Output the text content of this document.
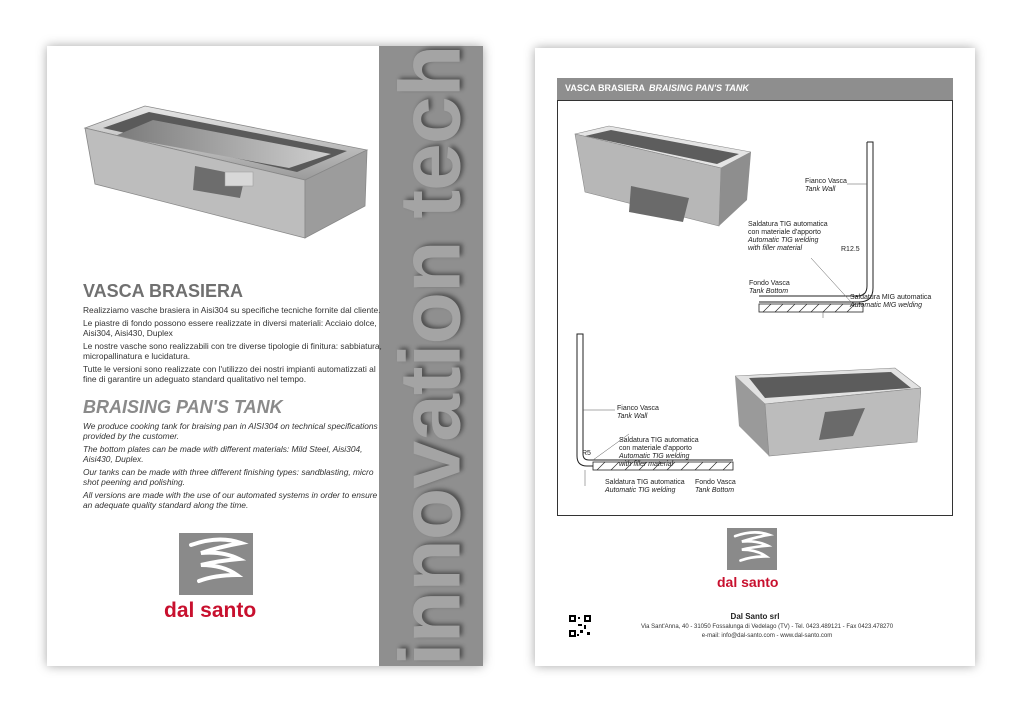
innovation tech
VASCA BRASIERA
Realizziamo vasche brasiera in Aisi304 su specifiche tecniche fornite dal cliente.
Le piastre di fondo possono essere realizzate in diversi materiali: Acciaio dolce, Aisi304, Aisi430, Duplex
Le nostre vasche sono realizzabili con tre diverse tipologie di finitura: sabbiatura, micropallinatura e lucidatura.
Tutte le versioni sono realizzate con l'utilizzo dei nostri impianti automatizzati al fine di garantire un adeguato standard qualitativo nel tempo.
BRAISING PAN'S TANK
We produce cooking tank for braising pan in AISI304 on technical specifications provided by the customer.
The bottom plates can be made with different materials: Mild Steel, Aisi304, Aisi430, Duplex.
Our tanks can be made with three different finishing types: sandblasting, micro shot peening and polishing.
All versions are made with the use of our automated systems in order to ensure an adequate quality standard along the time.
dal santo
VASCA BRASIERA BRAISING PAN'S TANK
Fianco Vasca
Tank Wall
Saldatura TIG automatica
con materiale d'apporto
Automatic TIG welding
with filler material	R12.5
Fondo Vasca
Tank Bottom
Saldatura MIG automatica
Automatic MIG welding
Fianco Vasca
Tank Wall
Saldatura TIG automatica
con materiale d'apporto
Automatic TIG welding
with filler material
R5
Saldatura TIG automatica
Automatic TIG welding
Fondo Vasca
Tank Bottom
dal santo
Dal Santo srl
Via Sant'Anna, 40 - 31050 Fossalunga di Vedelago (TV) - Tel. 0423.489121 - Fax 0423.478270
e-mail: info@dal-santo.com - www.dal-santo.com
